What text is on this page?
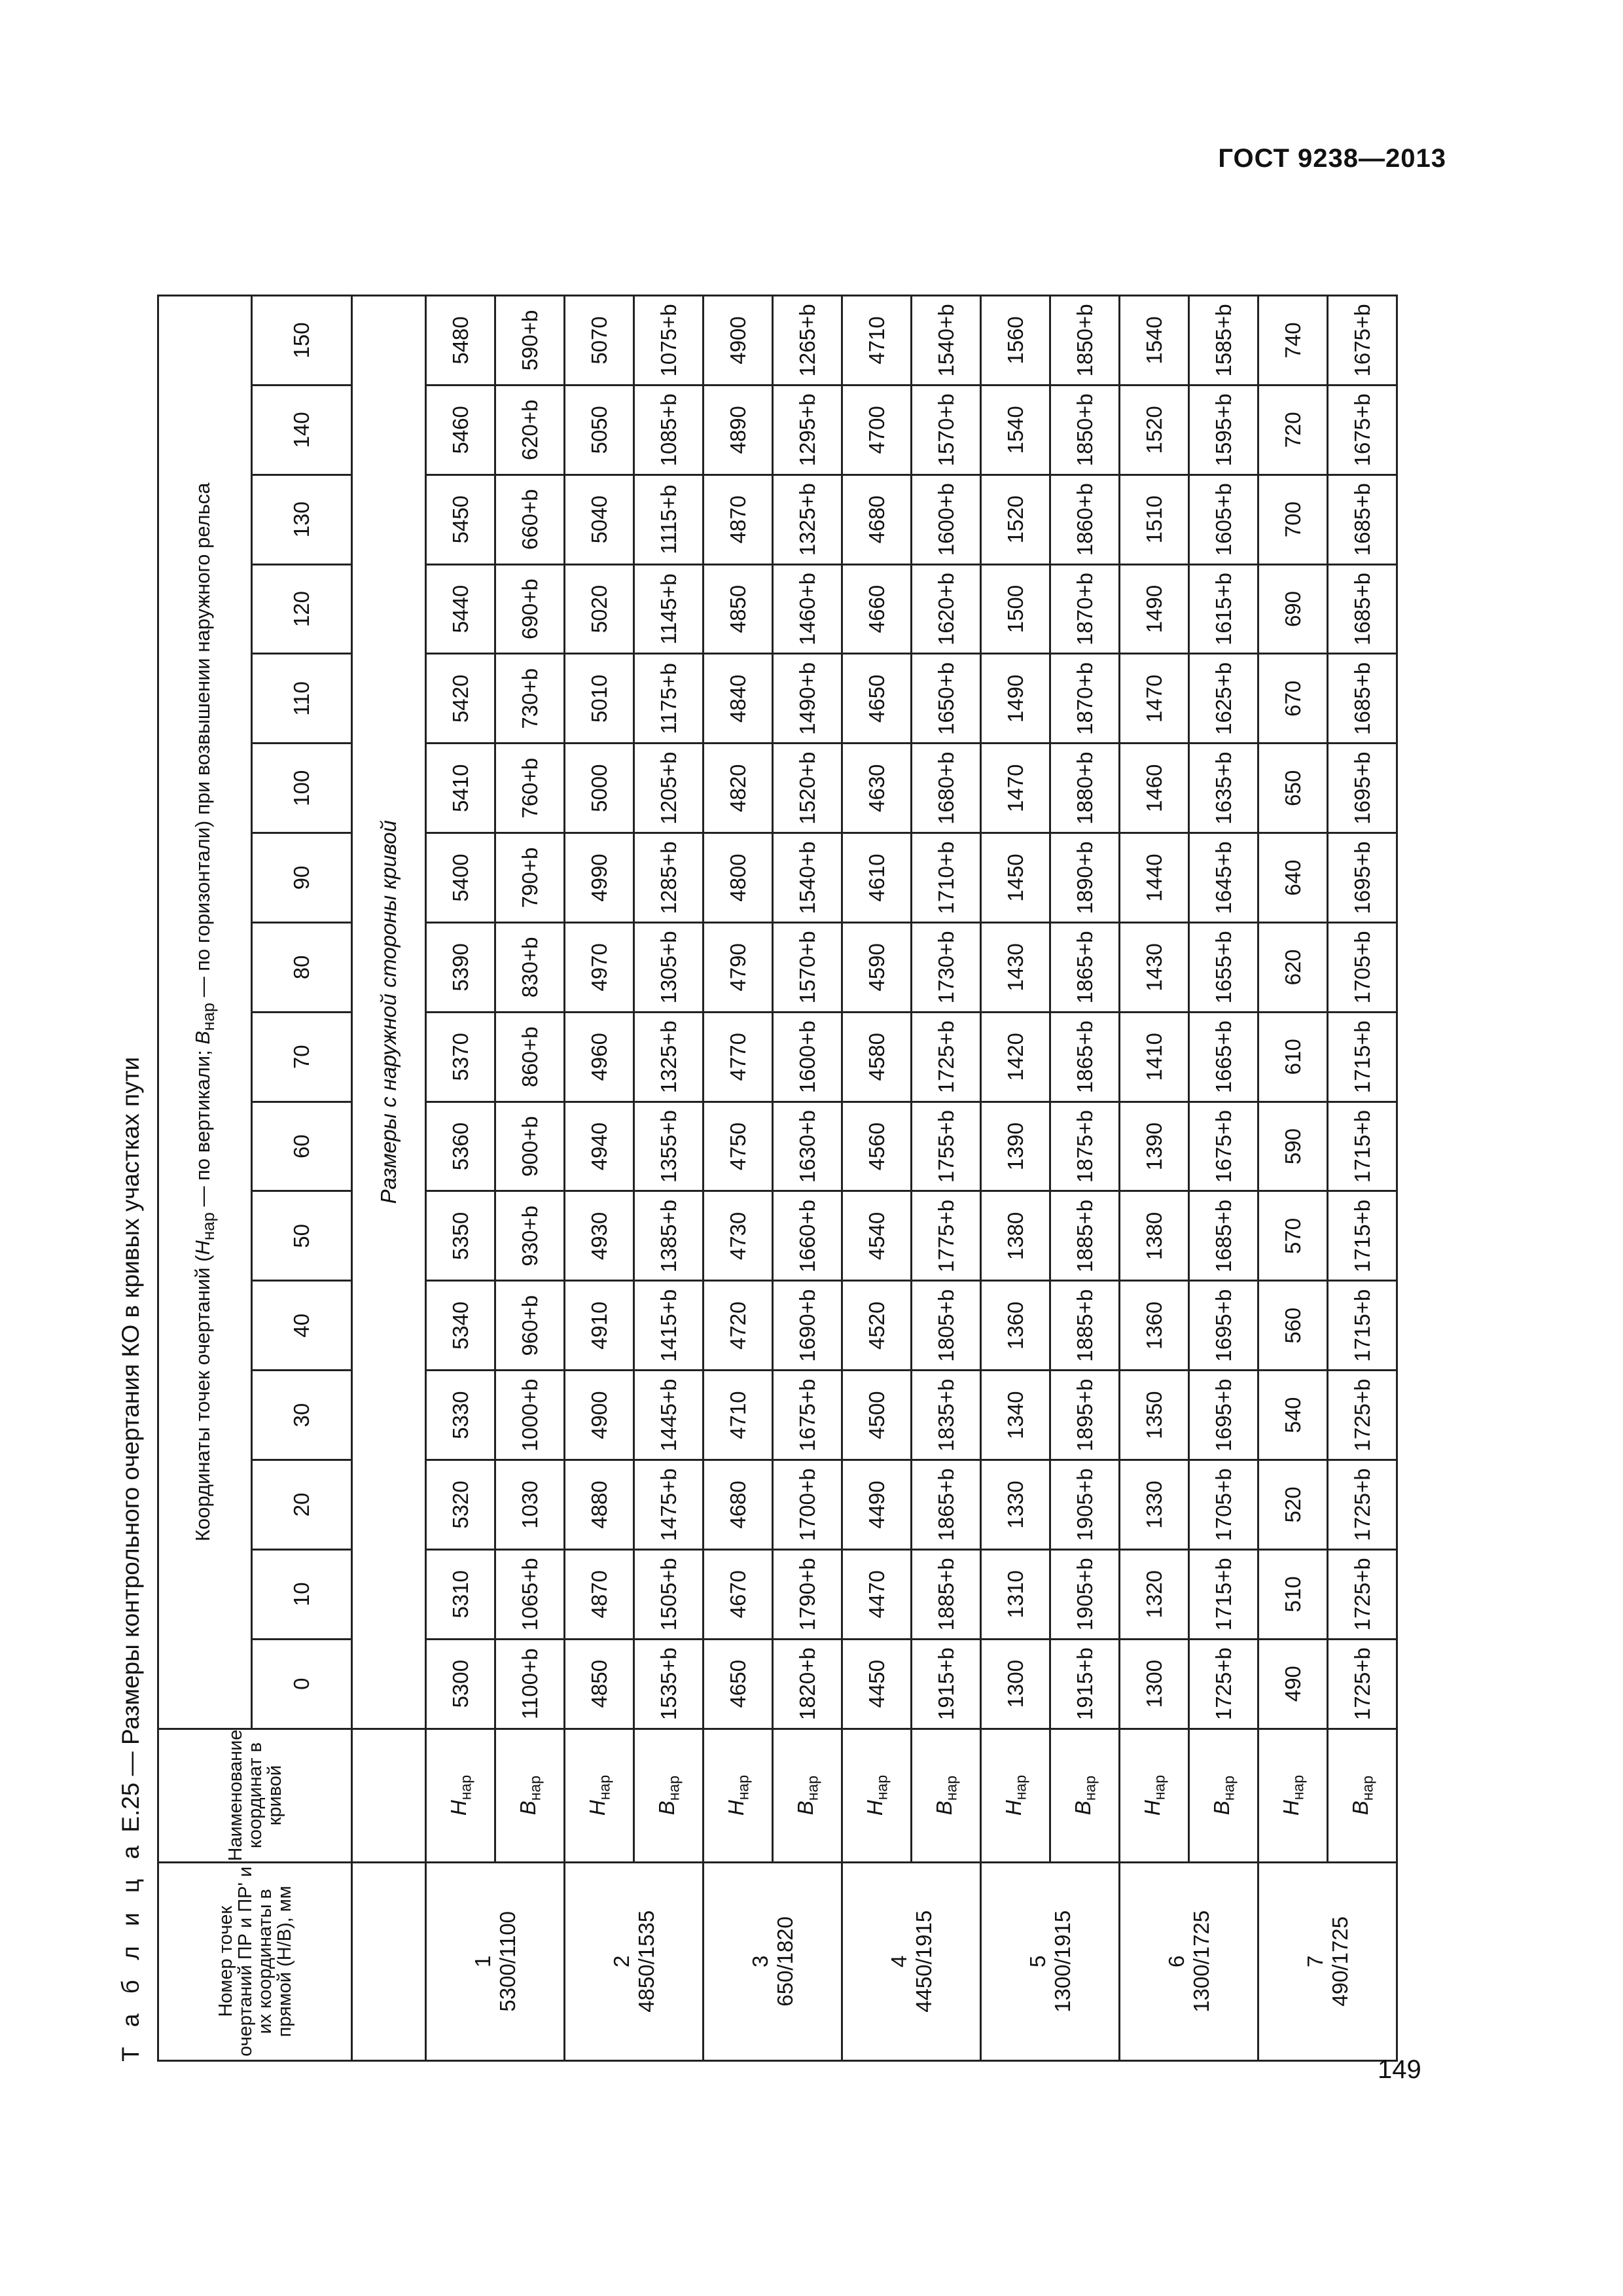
ГОСТ 9238—2013
Т а б л и ц а E.25 — Размеры контрольного очертания КО в кривых участках пути
Номер точек очертаний ПР и ПР' и их координаты в прямой (Н/В), мм	Наименование координат в кривой	Координаты точек очертаний ($H_{нар}$ — по вертикали; $B_{нар}$ — по горизонтали) при возвышении наружного рельса															
		0	10	20	30	40	50	60	70	80	90	100	110	120	130	140	150
		Размеры с наружной стороны кривой															

1 5300/1100	$H_{нар}$	5300	5310	5320	5330	5340	5350	5360	5370	5390	5400	5410	5420	5440	5450	5460	5480
	$B_{нар}$	1100+b	1065+b	1030	1000+b	960+b	930+b	900+b	860+b	830+b	790+b	760+b	730+b	690+b	660+b	620+b	590+b

2 4850/1535	$H_{нар}$	4850	4870	4880	4900	4910	4930	4940	4960	4970	4990	5000	5010	5020	5040	5050	5070
	$B_{нар}$	1535+b	1505+b	1475+b	1445+b	1415+b	1385+b	1355+b	1325+b	1305+b	1285+b	1205+b	1175+b	1145+b	1115+b	1085+b	1075+b

3 650/1820	$H_{нар}$	4650	4670	4680	4710	4720	4730	4750	4770	4790	4800	4820	4840	4850	4870	4890	4900
	$B_{нар}$	1820+b	1790+b	1700+b	1675+b	1690+b	1660+b	1630+b	1600+b	1570+b	1540+b	1520+b	1490+b	1460+b	1325+b	1295+b	1265+b

4 4450/1915	$H_{нар}$	4450	4470	4490	4500	4520	4540	4560	4580	4590	4610	4630	4650	4660	4680	4700	4710
	$B_{нар}$	1915+b	1885+b	1865+b	1835+b	1805+b	1775+b	1755+b	1725+b	1730+b	1710+b	1680+b	1650+b	1620+b	1600+b	1570+b	1540+b

5 1300/1915	$H_{нар}$	1300	1310	1330	1340	1360	1380	1390	1420	1430	1450	1470	1490	1500	1520	1540	1560
	$B_{нар}$	1915+b	1905+b	1905+b	1895+b	1885+b	1885+b	1875+b	1865+b	1865+b	1890+b	1880+b	1870+b	1870+b	1860+b	1850+b	1850+b

6 1300/1725	$H_{нар}$	1300	1320	1330	1350	1360	1380	1390	1410	1430	1440	1460	1470	1490	1510	1520	1540
	$B_{нар}$	1725+b	1715+b	1705+b	1695+b	1695+b	1685+b	1675+b	1665+b	1655+b	1645+b	1635+b	1625+b	1615+b	1605+b	1595+b	1585+b

7 490/1725	$H_{нар}$	490	510	520	540	560	570	590	610	620	640	650	670	690	700	720	740
	$B_{нар}$	1725+b	1725+b	1725+b	1725+b	1715+b	1715+b	1715+b	1715+b	1705+b	1695+b	1695+b	1685+b	1685+b	1685+b	1675+b	1675+b
149
